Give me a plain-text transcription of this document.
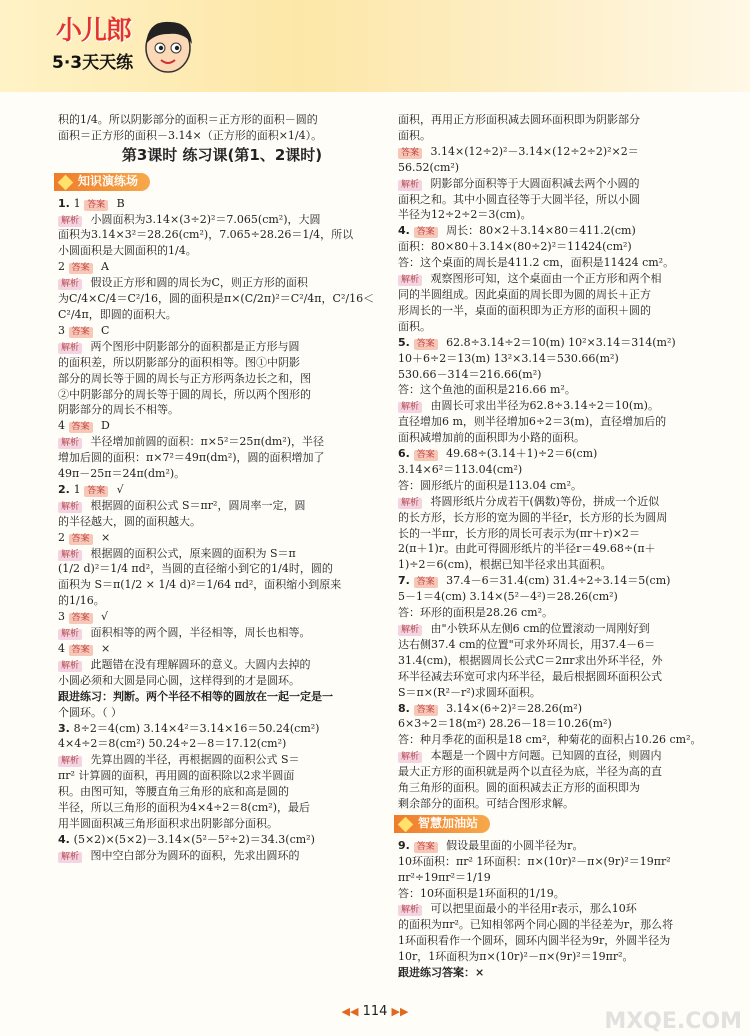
小儿郎
5·3天天练
积的1/4。所以阴影部分的面积＝正方形的面积－圆的
面积＝正方形的面积－3.14×（正方形的面积×1/4）。
第3课时 练习课(第1、2课时)
知识演练场
1. 1 答案 B
解析 小圆面积为3.14×(3÷2)²＝7.065(cm²)，大圆
面积为3.14×3²＝28.26(cm²)，7.065÷28.26＝1/4，所以
小圆面积是大圆面积的1/4。
2 答案 A
解析 假设正方形和圆的周长为C，则正方形的面积
为C/4×C/4＝C²/16，圆的面积是π×(C/2π)²＝C²/4π，C²/16＜
C²/4π，即圆的面积大。
3 答案 C
解析 两个图形中阴影部分的面积都是正方形与圆
的面积差，所以阴影部分的面积相等。图①中阴影
部分的周长等于圆的周长与正方形两条边长之和，图
②中阴影部分的周长等于圆的周长，所以两个图形的
阴影部分的周长不相等。
4 答案 D
解析 半径增加前圆的面积：π×5²＝25π(dm²)，半径
增加后圆的面积：π×7²＝49π(dm²)，圆的面积增加了
49π－25π＝24π(dm²)。
2. 1 答案 √
解析 根据圆的面积公式 S＝πr²，圆周率一定，圆
的半径越大，圆的面积越大。
2 答案 ×
解析 根据圆的面积公式，原来圆的面积为 S＝π
(1/2 d)²＝1/4 πd²，当圆的直径缩小到它的1/4时，圆的
面积为 S＝π(1/2 × 1/4 d)²＝1/64 πd²，面积缩小到原来
的1/16。
3 答案 √
解析 面积相等的两个圆，半径相等，周长也相等。
4 答案 ×
解析 此题错在没有理解圆环的意义。大圆内去掉的
小圆必须和大圆是同心圆，这样得到的才是圆环。
跟进练习：判断。两个半径不相等的圆放在一起一定是一
个圆环。（ ）
3. 8÷2＝4(cm) 3.14×4²＝3.14×16＝50.24(cm²)
4×4÷2＝8(cm²) 50.24÷2－8＝17.12(cm²)
解析 先算出圆的半径，再根据圆的面积公式 S＝
πr² 计算圆的面积，再用圆的面积除以2求半圆面
积。由图可知，等腰直角三角形的底和高是圆的
半径，所以三角形的面积为4×4÷2＝8(cm²)，最后
用半圆面积减三角形面积求出阴影部分面积。
4. (5×2)×(5×2)－3.14×(5²－5²÷2)＝34.3(cm²)
解析 图中空白部分为圆环的面积，先求出圆环的
面积，再用正方形面积减去圆环面积即为阴影部分
面积。
答案 3.14×(12÷2)²－3.14×(12÷2÷2)²×2＝
56.52(cm²)
解析 阴影部分面积等于大圆面积减去两个小圆的
面积之和。其中小圆直径等于大圆半径，所以小圆
半径为12÷2÷2＝3(cm)。
4. 答案 周长：80×2＋3.14×80＝411.2(cm)
面积：80×80＋3.14×(80÷2)²＝11424(cm²)
答：这个桌面的周长是411.2 cm，面积是11424 cm²。
解析 观察图形可知，这个桌面由一个正方形和两个相
同的半圆组成。因此桌面的周长即为圆的周长＋正方
形周长的一半，桌面的面积即为正方形的面积＋圆的
面积。
5. 答案 62.8÷3.14÷2＝10(m) 10²×3.14＝314(m²)
10＋6÷2＝13(m) 13²×3.14＝530.66(m²)
530.66－314＝216.66(m²)
答：这个鱼池的面积是216.66 m²。
解析 由圆长可求出半径为62.8÷3.14÷2＝10(m)。
直径增加6 m，则半径增加6÷2＝3(m)，直径增加后的
面积减增加前的面积即为小路的面积。
6. 答案 49.68÷(3.14＋1)÷2＝6(cm)
3.14×6²＝113.04(cm²)
答：圆形纸片的面积是113.04 cm²。
解析 将圆形纸片分成若干(偶数)等份，拼成一个近似
的长方形，长方形的宽为圆的半径r，长方形的长为圆周
长的一半πr，长方形的周长可表示为(πr＋r)×2＝
2(π＋1)r。由此可得圆形纸片的半径r＝49.68÷(π＋
1)÷2＝6(cm)，根据已知半径求出其面积。
7. 答案 37.4－6＝31.4(cm) 31.4÷2÷3.14＝5(cm)
5－1＝4(cm) 3.14×(5²－4²)＝28.26(cm²)
答：环形的面积是28.26 cm²。
解析 由"小铁环从左侧6 cm的位置滚动一周刚好到
达右侧37.4 cm的位置"可求外环周长，用37.4－6＝
31.4(cm)，根据圆周长公式C＝2πr求出外环半径，外
环半径减去环宽可求内环半径，最后根据圆环面积公式
S＝π×(R²－r²)求圆环面积。
8. 答案 3.14×(6÷2)²＝28.26(m²)
6×3÷2＝18(m²) 28.26－18＝10.26(m²)
答：种月季花的面积是18 cm²，种菊花的面积占10.26 cm²。
解析 本题是一个圆中方问题。已知圆的直径，则圆内
最大正方形的面积就是两个以直径为底，半径为高的直
角三角形的面积。圆的面积减去正方形的面积即为
剩余部分的面积。可结合图形求解。
智慧加油站
9. 答案 假设最里面的小圆半径为r。
10环面积：πr² 1环面积：π×(10r)²－π×(9r)²＝19πr²
πr²÷19πr²＝1/19
答：10环面积是1环面积的1/19。
解析 可以把里面最小的半径用r表示，那么10环
的面积为πr²。已知相邻两个同心圆的半径差为r，那么将
1环面积看作一个圆环，圆环内圆半径为9r，外圆半径为
10r，1环面积为π×(10r)²－π×(9r)²＝19πr²。
跟进练习答案：×
◀◀ 114 ▶▶	MXQE.COM
